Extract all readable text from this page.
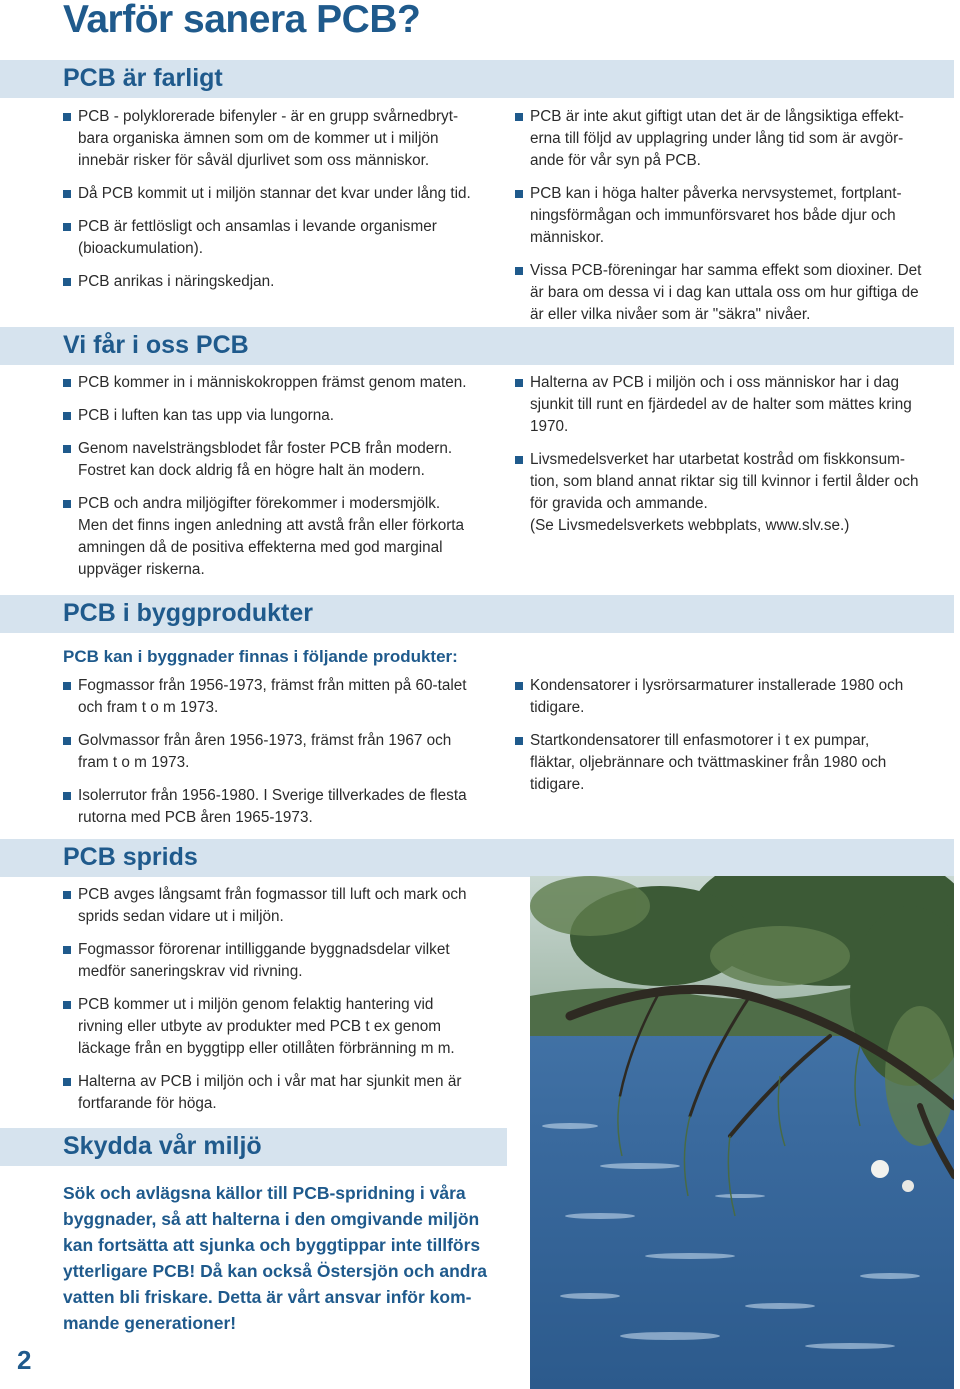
Varför sanera PCB?
PCB är farligt
PCB - polyklorerade bifenyler - är en grupp svårnedbryt-
bara organiska ämnen som om de kommer ut i miljön
innebär risker för såväl djurlivet som oss människor.
Då PCB kommit ut i miljön stannar det kvar under lång tid.
PCB är fettlösligt och ansamlas i levande organismer
(bioackumulation).
PCB anrikas i näringskedjan.
PCB är inte akut giftigt utan det är de långsiktiga effekt-
erna till följd av upplagring under lång tid som är avgör-
ande för vår syn på PCB.
PCB kan i höga halter påverka nervsystemet, fortplant-
ningsförmågan och immunförsvaret hos både djur och
människor.
Vissa PCB-föreningar har samma effekt som dioxiner. Det
är bara om dessa vi i dag kan uttala oss om hur giftiga de
är eller vilka nivåer som är "säkra" nivåer.
Vi får i oss PCB
PCB kommer in i människokroppen främst genom maten.
PCB i luften kan tas upp via lungorna.
Genom navelsträngsblodet får foster PCB från modern.
Fostret kan dock aldrig få en högre halt än modern.
PCB och andra miljögifter förekommer i modersmjölk.
Men det finns ingen anledning att avstå från eller förkorta
amningen då de positiva effekterna med god marginal
uppväger riskerna.
Halterna av PCB i miljön och i oss människor har i dag
sjunkit till runt en fjärdedel av de halter som mättes kring
1970.
Livsmedelsverket har utarbetat kostråd om fiskkonsum-
tion, som bland annat riktar sig till kvinnor i fertil ålder och
för gravida och ammande.
(Se Livsmedelsverkets webbplats, www.slv.se.)
PCB i byggprodukter

PCB kan i byggnader finnas i följande produkter:

Fogmassor från 1956-1973, främst från mitten på 60-talet
och fram t o m 1973.
Golvmassor från åren 1956-1973, främst från 1967 och
fram t o m 1973.
Isolerrutor från 1956-1980. I Sverige tillverkades de flesta
rutorna med PCB åren 1965-1973.
Kondensatorer i lysrörsarmaturer installerade 1980 och
tidigare.
Startkondensatorer till enfasmotorer i t ex pumpar,
fläktar, oljebrännare och tvättmaskiner från 1980 och
tidigare.
PCB sprids
PCB avges långsamt från fogmassor till luft och mark och
sprids sedan vidare ut i miljön.
Fogmassor förorenar intilliggande byggnadsdelar vilket
medför saneringskrav vid rivning.
PCB kommer ut i miljön genom felaktig hantering vid
rivning eller utbyte av produkter med PCB t ex genom
läckage från en byggtipp eller otillåten förbränning m m.
Halterna av PCB i miljön och i vår mat har sjunkit men är
fortfarande för höga.
Skydda vår miljö

Sök och avlägsna källor till PCB-spridning i våra
byggnader, så att halterna i den omgivande miljön
kan fortsätta att sjunka och byggtippar inte tillförs
ytterligare PCB! Då kan också Östersjön och andra
vatten bli friskare. Detta är vårt ansvar inför kom-
mande generationer!

2
